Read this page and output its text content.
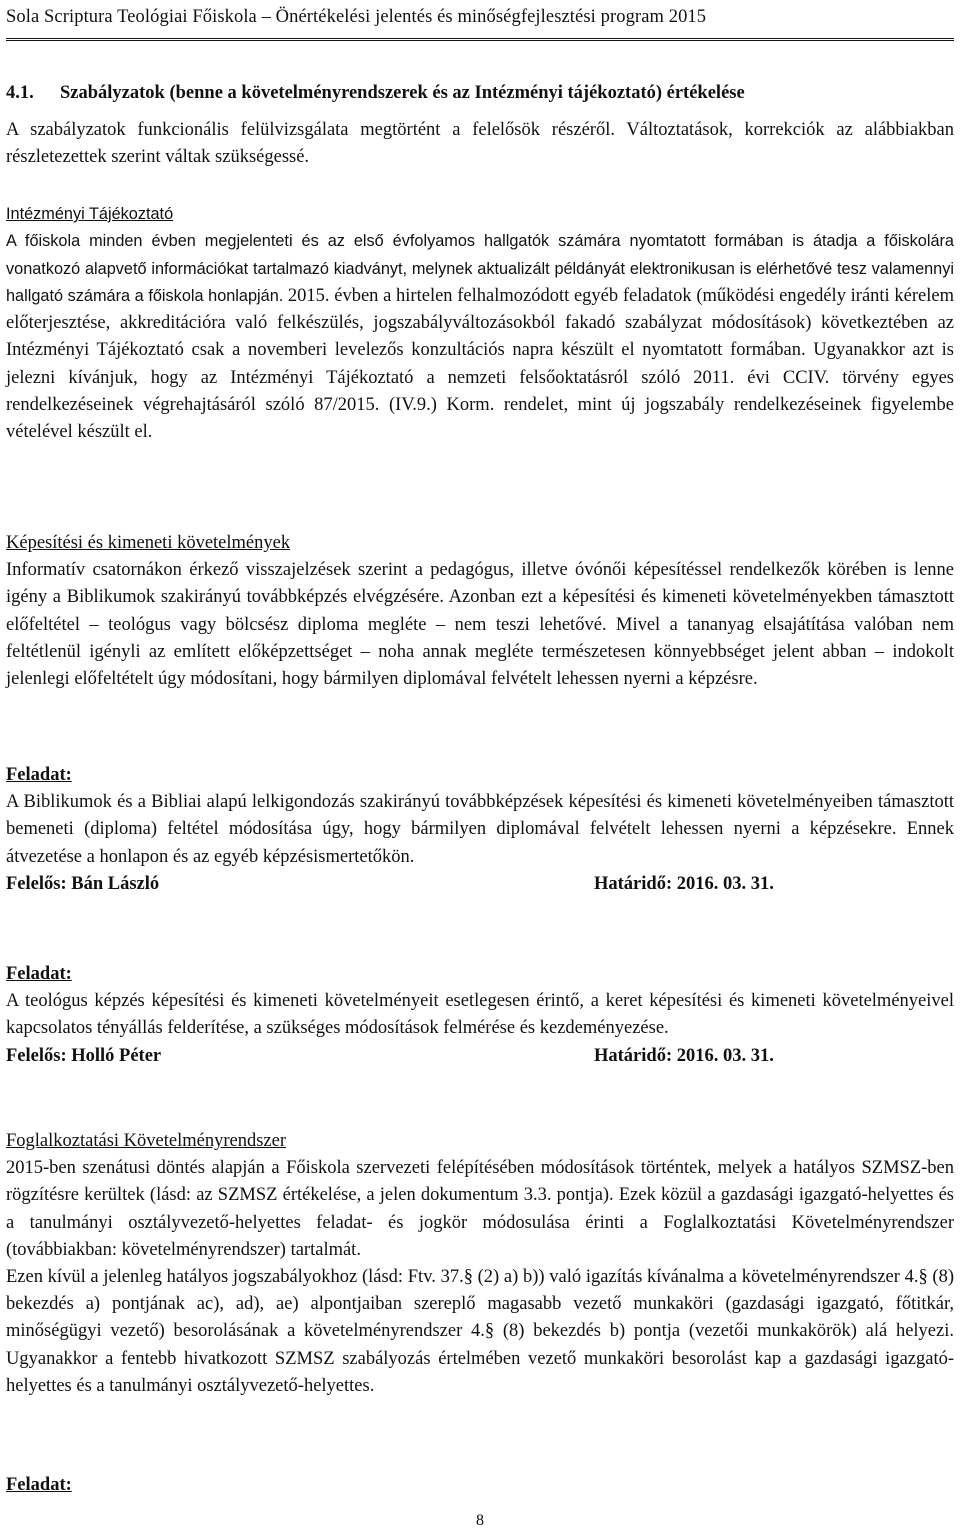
Sola Scriptura Teológiai Főiskola – Önértékelési jelentés és minőségfejlesztési program 2015
4.1. Szabályzatok (benne a követelményrendszerek és az Intézményi tájékoztató) értékelése
A szabályzatok funkcionális felülvizsgálata megtörtént a felelősök részéről. Változtatások, korrekciók az alábbiakban részletezettek szerint váltak szükségessé.

Intézményi Tájékoztató

A főiskola minden évben megjelenteti és az első évfolyamos hallgatók számára nyomtatott formában is átadja a főiskolára vonatkozó alapvető információkat tartalmazó kiadványt, melynek aktualizált példányát elektronikusan is elérhetővé tesz valamennyi hallgató számára a főiskola honlapján. 2015. évben a hirtelen felhalmozódott egyéb feladatok (működési engedély iránti kérelem előterjesztése, akkreditációra való felkészülés, jogszabályváltozásokból fakadó szabályzat módosítások) következtében az Intézményi Tájékoztató csak a novemberi levelezős konzultációs napra készült el nyomtatott formában. Ugyanakkor azt is jelezni kívánjuk, hogy az Intézményi Tájékoztató a nemzeti felsőoktatásról szóló 2011. évi CCIV. törvény egyes rendelkezéseinek végrehajtásáról szóló 87/2015. (IV.9.) Korm. rendelet, mint új jogszabály rendelkezéseinek figyelembe vételével készült el.

Képesítési és kimeneti követelmények

Informatív csatornákon érkező visszajelzések szerint a pedagógus, illetve óvónői képesítéssel rendelkezők körében is lenne igény a Biblikumok szakirányú továbbképzés elvégzésére. Azonban ezt a képesítési és kimeneti követelményekben támasztott előfeltétel – teológus vagy bölcsész diploma megléte – nem teszi lehetővé. Mivel a tananyag elsajátítása valóban nem feltétlenül igényli az említett előképzettséget – noha annak megléte természetesen könnyebbséget jelent abban – indokolt jelenlegi előfeltételt úgy módosítani, hogy bármilyen diplomával felvételt lehessen nyerni a képzésre.

Feladat:

A Biblikumok és a Bibliai alapú lelkigondozás szakirányú továbbképzések képesítési és kimeneti követelményeiben támasztott bemeneti (diploma) feltétel módosítása úgy, hogy bármilyen diplomával felvételt lehessen nyerni a képzésekre. Ennek átvezetése a honlapon és az egyéb képzésismertetőkön.

Felelős: Bán László	Határidő: 2016. 03. 31.

Feladat:

A teológus képzés képesítési és kimeneti követelményeit esetlegesen érintő, a keret képesítési és kimeneti követelményeivel kapcsolatos tényállás felderítése, a szükséges módosítások felmérése és kezdeményezése.

Felelős: Holló Péter	Határidő: 2016. 03. 31.

Foglalkoztatási Követelményrendszer

2015-ben szenátusi döntés alapján a Főiskola szervezeti felépítésében módosítások történtek, melyek a hatályos SZMSZ-ben rögzítésre kerültek (lásd: az SZMSZ értékelése, a jelen dokumentum 3.3. pontja). Ezek közül a gazdasági igazgató-helyettes és a tanulmányi osztályvezető-helyettes feladat- és jogkör módosulása érinti a Foglalkoztatási Követelményrendszer (továbbiakban: követelményrendszer) tartalmát.

Ezen kívül a jelenleg hatályos jogszabályokhoz (lásd: Ftv. 37.§ (2) a) b)) való igazítás kívánalma a követelményrendszer 4.§ (8) bekezdés a) pontjának ac), ad), ae) alpontjaiban szereplő magasabb vezető munkaköri (gazdasági igazgató, főtitkár, minőségügyi vezető) besorolásának a követelményrendszer 4.§ (8) bekezdés b) pontja (vezetői munkakörök) alá helyezi. Ugyanakkor a fentebb hivatkozott SZMSZ szabályozás értelmében vezető munkaköri besorolást kap a gazdasági igazgató-helyettes és a tanulmányi osztályvezető-helyettes.

Feladat:

8
